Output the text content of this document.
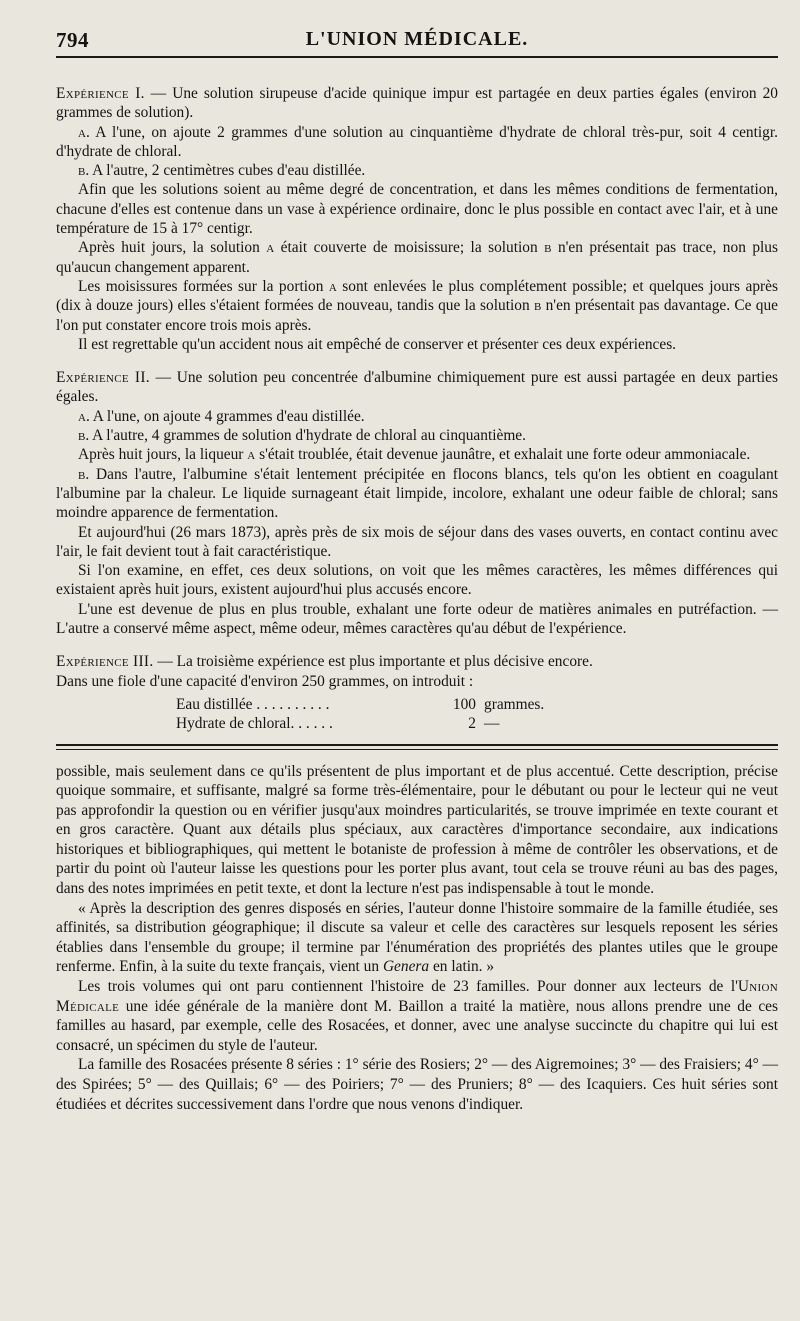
794	L'UNION MÉDICALE.

Expérience I. — Une solution sirupeuse d'acide quinique impur est partagée en deux parties égales (environ 20 grammes de solution).

a. A l'une, on ajoute 2 grammes d'une solution au cinquantième d'hydrate de chloral très-pur, soit 4 centigr. d'hydrate de chloral.

b. A l'autre, 2 centimètres cubes d'eau distillée.

Afin que les solutions soient au même degré de concentration, et dans les mêmes conditions de fermentation, chacune d'elles est contenue dans un vase à expérience ordinaire, donc le plus possible en contact avec l'air, et à une température de 15 à 17° centigr.

Après huit jours, la solution a était couverte de moisissure; la solution b n'en présentait pas trace, non plus qu'aucun changement apparent.

Les moisissures formées sur la portion a sont enlevées le plus complétement possible; et quelques jours après (dix à douze jours) elles s'étaient formées de nouveau, tandis que la solution b n'en présentait pas davantage. Ce que l'on put constater encore trois mois après.

Il est regrettable qu'un accident nous ait empêché de conserver et présenter ces deux expériences.

Expérience II. — Une solution peu concentrée d'albumine chimiquement pure est aussi partagée en deux parties égales.

a. A l'une, on ajoute 4 grammes d'eau distillée.

b. A l'autre, 4 grammes de solution d'hydrate de chloral au cinquantième.

Après huit jours, la liqueur a s'était troublée, était devenue jaunâtre, et exhalait une forte odeur ammoniacale.

b. Dans l'autre, l'albumine s'était lentement précipitée en flocons blancs, tels qu'on les obtient en coagulant l'albumine par la chaleur. Le liquide surnageant était limpide, incolore, exhalant une odeur faible de chloral; sans moindre apparence de fermentation.

Et aujourd'hui (26 mars 1873), après près de six mois de séjour dans des vases ouverts, en contact continu avec l'air, le fait devient tout à fait caractéristique.

Si l'on examine, en effet, ces deux solutions, on voit que les mêmes caractères, les mêmes différences qui existaient après huit jours, existent aujourd'hui plus accusés encore.

L'une est devenue de plus en plus trouble, exhalant une forte odeur de matières animales en putréfaction. — L'autre a conservé même aspect, même odeur, mêmes caractères qu'au début de l'expérience.

Expérience III. — La troisième expérience est plus importante et plus décisive encore.

Dans une fiole d'une capacité d'environ 250 grammes, on introduit :

Eau distillée . . . . . . . . . .	100 grammes.
Hydrate de chloral. . . . . .	2 —

possible, mais seulement dans ce qu'ils présentent de plus important et de plus accentué. Cette description, précise quoique sommaire, et suffisante, malgré sa forme très-élémentaire, pour le débutant ou pour le lecteur qui ne veut pas approfondir la question ou en vérifier jusqu'aux moindres particularités, se trouve imprimée en texte courant et en gros caractère. Quant aux détails plus spéciaux, aux caractères d'importance secondaire, aux indications historiques et bibliographiques, qui mettent le botaniste de profession à même de contrôler les observations, et de partir du point où l'auteur laisse les questions pour les porter plus avant, tout cela se trouve réuni au bas des pages, dans des notes imprimées en petit texte, et dont la lecture n'est pas indispensable à tout le monde.

« Après la description des genres disposés en séries, l'auteur donne l'histoire sommaire de la famille étudiée, ses affinités, sa distribution géographique; il discute sa valeur et celle des caractères sur lesquels reposent les séries établies dans l'ensemble du groupe; il termine par l'énumération des propriétés des plantes utiles que le groupe renferme. Enfin, à la suite du texte français, vient un Genera en latin. »

Les trois volumes qui ont paru contiennent l'histoire de 23 familles. Pour donner aux lecteurs de l'Union Médicale une idée générale de la manière dont M. Baillon a traité la matière, nous allons prendre une de ces familles au hasard, par exemple, celle des Rosacées, et donner, avec une analyse succincte du chapitre qui lui est consacré, un spécimen du style de l'auteur.

La famille des Rosacées présente 8 séries : 1° série des Rosiers; 2° — des Aigremoines; 3° — des Fraisiers; 4° — des Spirées; 5° — des Quillais; 6° — des Poiriers; 7° — des Pruniers; 8° — des Icaquiers. Ces huit séries sont étudiées et décrites successivement dans l'ordre que nous venons d'indiquer.
